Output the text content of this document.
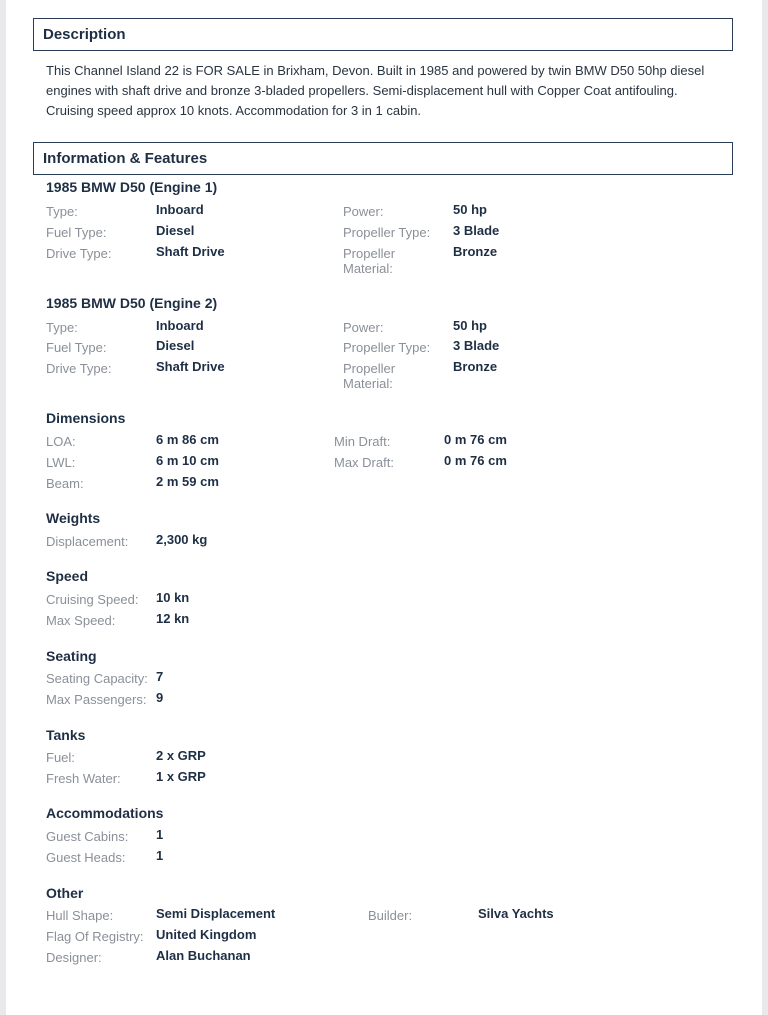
Description
This Channel Island 22 is FOR SALE in Brixham, Devon. Built in 1985 and powered by twin BMW D50 50hp diesel engines with shaft drive and bronze 3-bladed propellers. Semi-displacement hull with Copper Coat antifouling. Cruising speed approx 10 knots. Accommodation for 3 in 1 cabin.
Information & Features
1985 BMW D50 (Engine 1)
Type:	Inboard
Fuel Type:	Diesel
Drive Type:	Shaft Drive
Power:	50 hp
Propeller Type: 3 Blade
Propeller
Material:
Bronze
1985 BMW D50 (Engine 2)
Type:	Inboard
Fuel Type:	Diesel
Drive Type:	Shaft Drive
Power:	50 hp
Propeller Type: 3 Blade
Propeller
Material:
Bronze
Dimensions
LOA:	6 m 86 cm
LWL:	6 m 10 cm
Beam:	2 m 59 cm
Min Draft:	0 m 76 cm
Max Draft:	0 m 76 cm
Weights
Displacement: 2,300 kg
Speed
Cruising Speed: 10 kn
Max Speed:	12 kn
Seating
Seating Capacity: 7
Max Passengers: 9
Tanks
Fuel:	2 x GRP
Fresh Water:	1 x GRP
Accommodations
Guest Cabins: 1
Guest Heads: 1
Other
Hull Shape:	Semi Displacement
Flag Of Registry: United Kingdom
Designer:	Alan Buchanan
Builder:	Silva Yachts
